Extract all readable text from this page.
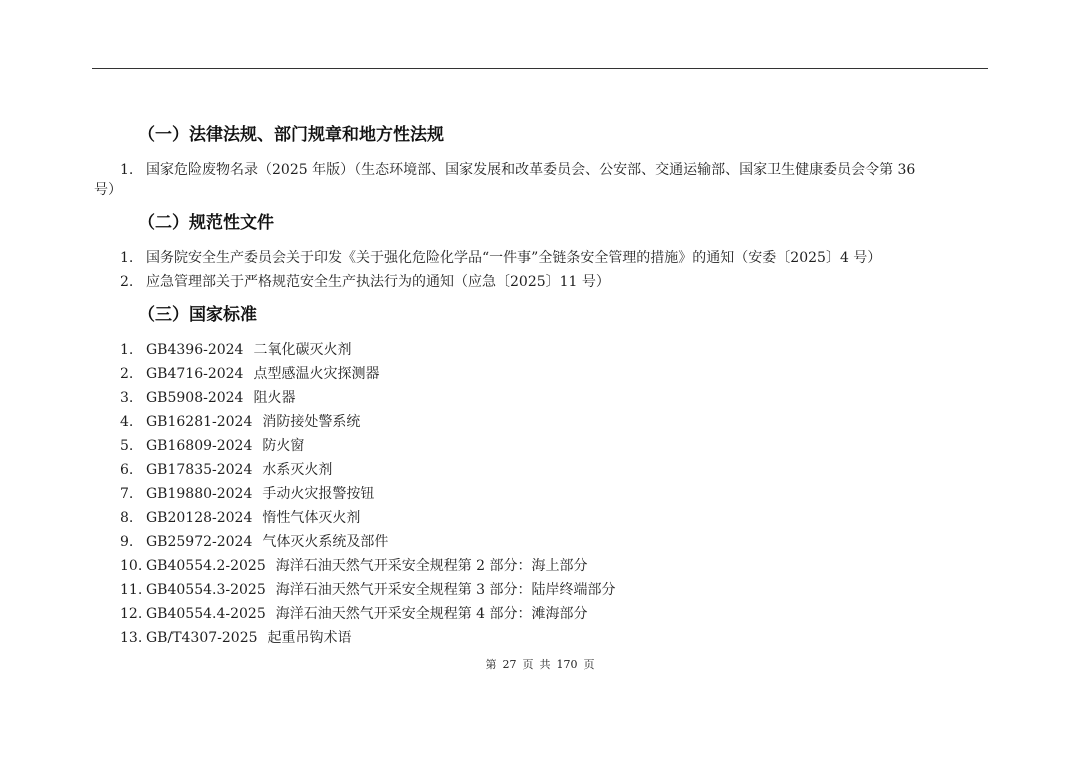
（一）法律法规、部门规章和地方性法规
1. 国家危险废物名录（2025 年版）（生态环境部、国家发展和改革委员会、公安部、交通运输部、国家卫生健康委员会令第 36
号）
（二）规范性文件
1. 国务院安全生产委员会关于印发《关于强化危险化学品“一件事”全链条安全管理的措施》的通知（安委〔2025〕4 号）
2. 应急管理部关于严格规范安全生产执法行为的通知（应急〔2025〕11 号）
（三）国家标准
1. GB4396-2024 二氧化碳灭火剂
2. GB4716-2024 点型感温火灾探测器
3. GB5908-2024 阻火器
4. GB16281-2024 消防接处警系统
5. GB16809-2024 防火窗
6. GB17835-2024 水系灭火剂
7. GB19880-2024 手动火灾报警按钮
8. GB20128-2024 惰性气体灭火剂
9. GB25972-2024 气体灭火系统及部件
10. GB40554.2-2025 海洋石油天然气开采安全规程第 2 部分：海上部分
11. GB40554.3-2025 海洋石油天然气开采安全规程第 3 部分：陆岸终端部分
12. GB40554.4-2025 海洋石油天然气开采安全规程第 4 部分：滩海部分
13. GB/T4307-2025 起重吊钩术语
第 27 页 共 170 页
